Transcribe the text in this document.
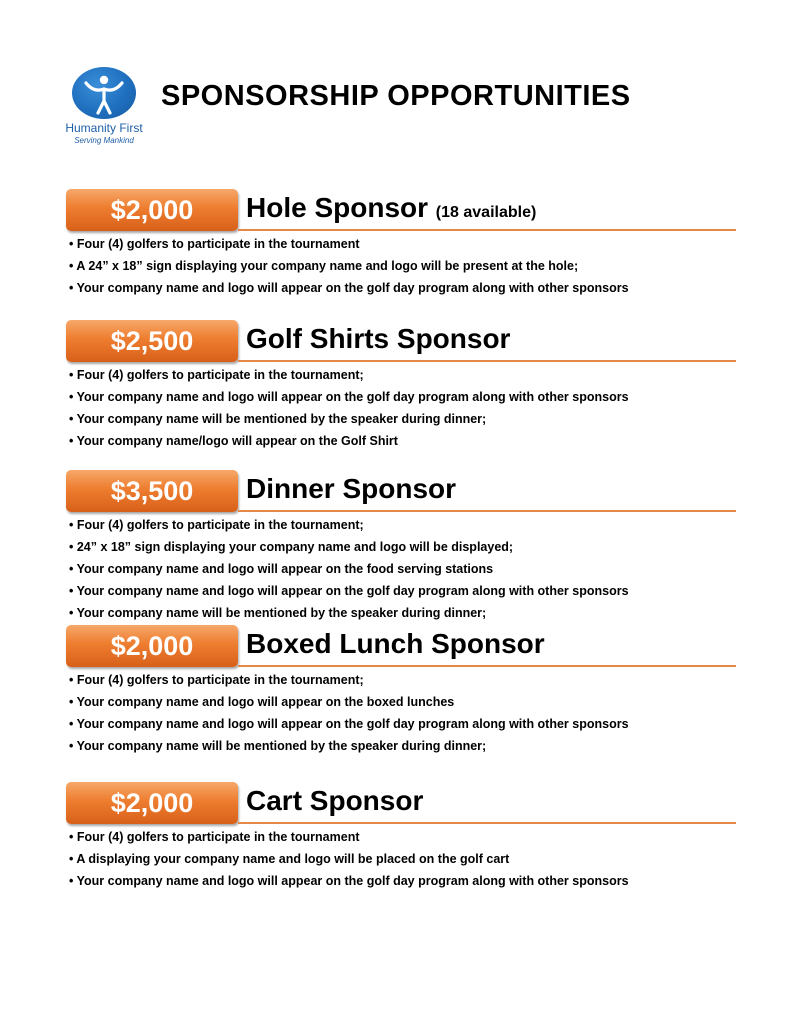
Humanity First
Serving Mankind
SPONSORSHIP OPPORTUNITIES
$2,000	Hole Sponsor (18 available)
• Four (4) golfers to participate in the tournament
• A 24” x 18” sign displaying your company name and logo will be present at the hole;
• Your company name and logo will appear on the golf day program along with other sponsors
$2,500	Golf Shirts Sponsor
• Four (4) golfers to participate in the tournament;
• Your company name and logo will appear on the golf day program along with other sponsors
• Your company name will be mentioned by the speaker during dinner;
• Your company name/logo will appear on the Golf Shirt
$3,500	Dinner Sponsor
• Four (4) golfers to participate in the tournament;
• 24” x 18” sign displaying your company name and logo will be displayed;
• Your company name and logo will appear on the food serving stations
• Your company name and logo will appear on the golf day program along with other sponsors
• Your company name will be mentioned by the speaker during dinner;
$2,000	Boxed Lunch Sponsor
• Four (4) golfers to participate in the tournament;
• Your company name and logo will appear on the boxed lunches
• Your company name and logo will appear on the golf day program along with other sponsors
• Your company name will be mentioned by the speaker during dinner;
$2,000	Cart Sponsor
• Four (4) golfers to participate in the tournament
• A displaying your company name and logo will be placed on the golf cart
• Your company name and logo will appear on the golf day program along with other sponsors
